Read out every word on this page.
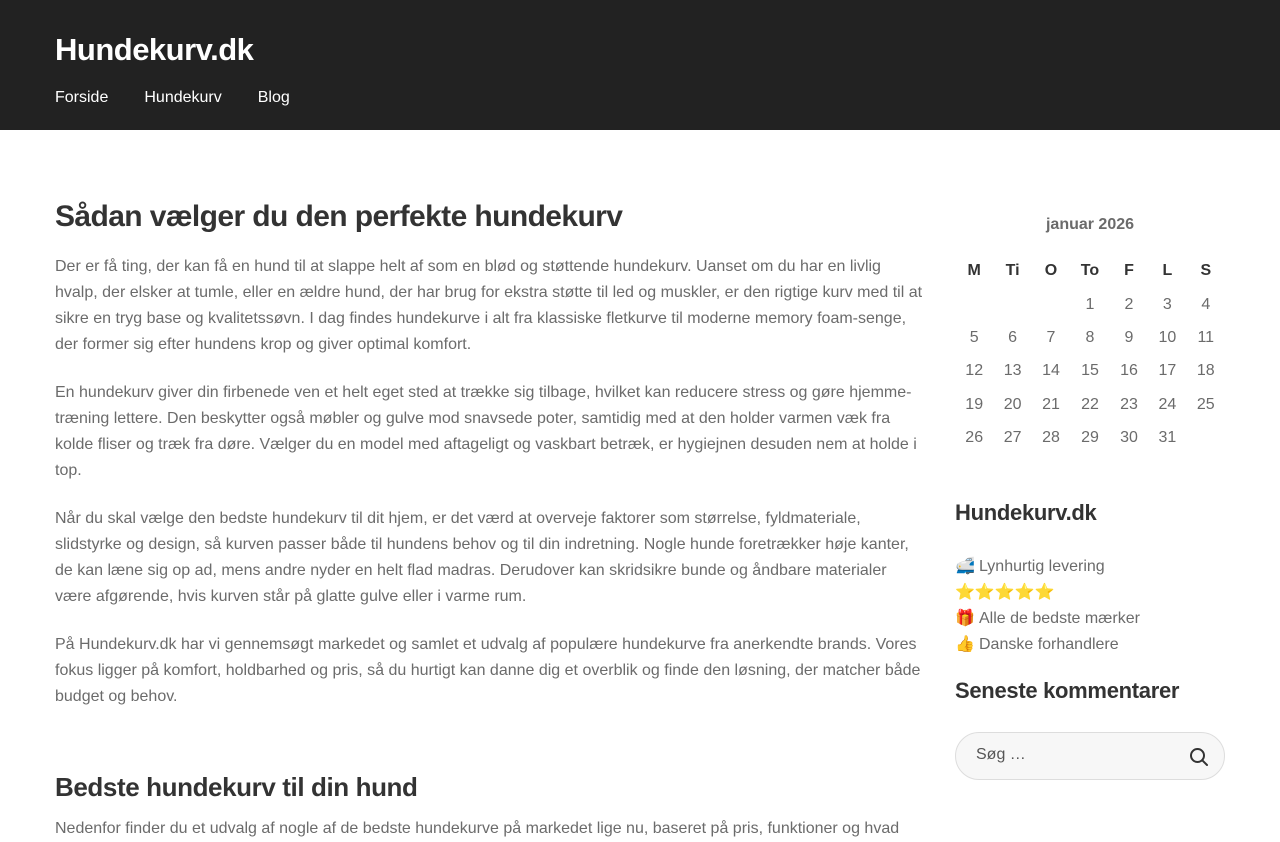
Hundekurv.dk
Forside Hundekurv Blog
Sådan vælger du den perfekte hundekurv

Der er få ting, der kan få en hund til at slappe helt af som en blød og støttende hundekurv. Uanset om du har en livlig hvalp, der elsker at tumle, eller en ældre hund, der har brug for ekstra støtte til led og muskler, er den rigtige kurv med til at sikre en tryg base og kvalitetssøvn. I dag findes hundekurve i alt fra klassiske fletkurve til moderne memory foam-senge, der former sig efter hundens krop og giver optimal komfort.

En hundekurv giver din firbenede ven et helt eget sted at trække sig tilbage, hvilket kan reducere stress og gøre hjemme-træning lettere. Den beskytter også møbler og gulve mod snavsede poter, samtidig med at den holder varmen væk fra kolde fliser og træk fra døre. Vælger du en model med aftageligt og vaskbart betræk, er hygiejnen desuden nem at holde i top.

Når du skal vælge den bedste hundekurv til dit hjem, er det værd at overveje faktorer som størrelse, fyldmateriale, slidstyrke og design, så kurven passer både til hundens behov og til din indretning. Nogle hunde foretrækker høje kanter, de kan læne sig op ad, mens andre nyder en helt flad madras. Derudover kan skridsikre bunde og åndbare materialer være afgørende, hvis kurven står på glatte gulve eller i varme rum.

På Hundekurv.dk har vi gennemsøgt markedet og samlet et udvalg af populære hundekurve fra anerkendte brands. Vores fokus ligger på komfort, holdbarhed og pris, så du hurtigt kan danne dig et overblik og finde den løsning, der matcher både budget og behov.

Bedste hundekurv til din hund
Nedenfor finder du et udvalg af nogle af de bedste hundekurve på markedet lige nu, baseret på pris, funktioner og hvad
januar 2026
M	Ti	O	To	F	L	S
			1	2	3	4
5	6	7	8	9	10	11
12	13	14	15	16	17	18
19	20	21	22	23	24	25
26	27	28	29	30	31	
Hundekurv.dk
🚅 Lynhurtig levering
⭐⭐⭐⭐⭐
🎁 Alle de bedste mærker
👍 Danske forhandlere
Seneste kommentarer
Søg …
